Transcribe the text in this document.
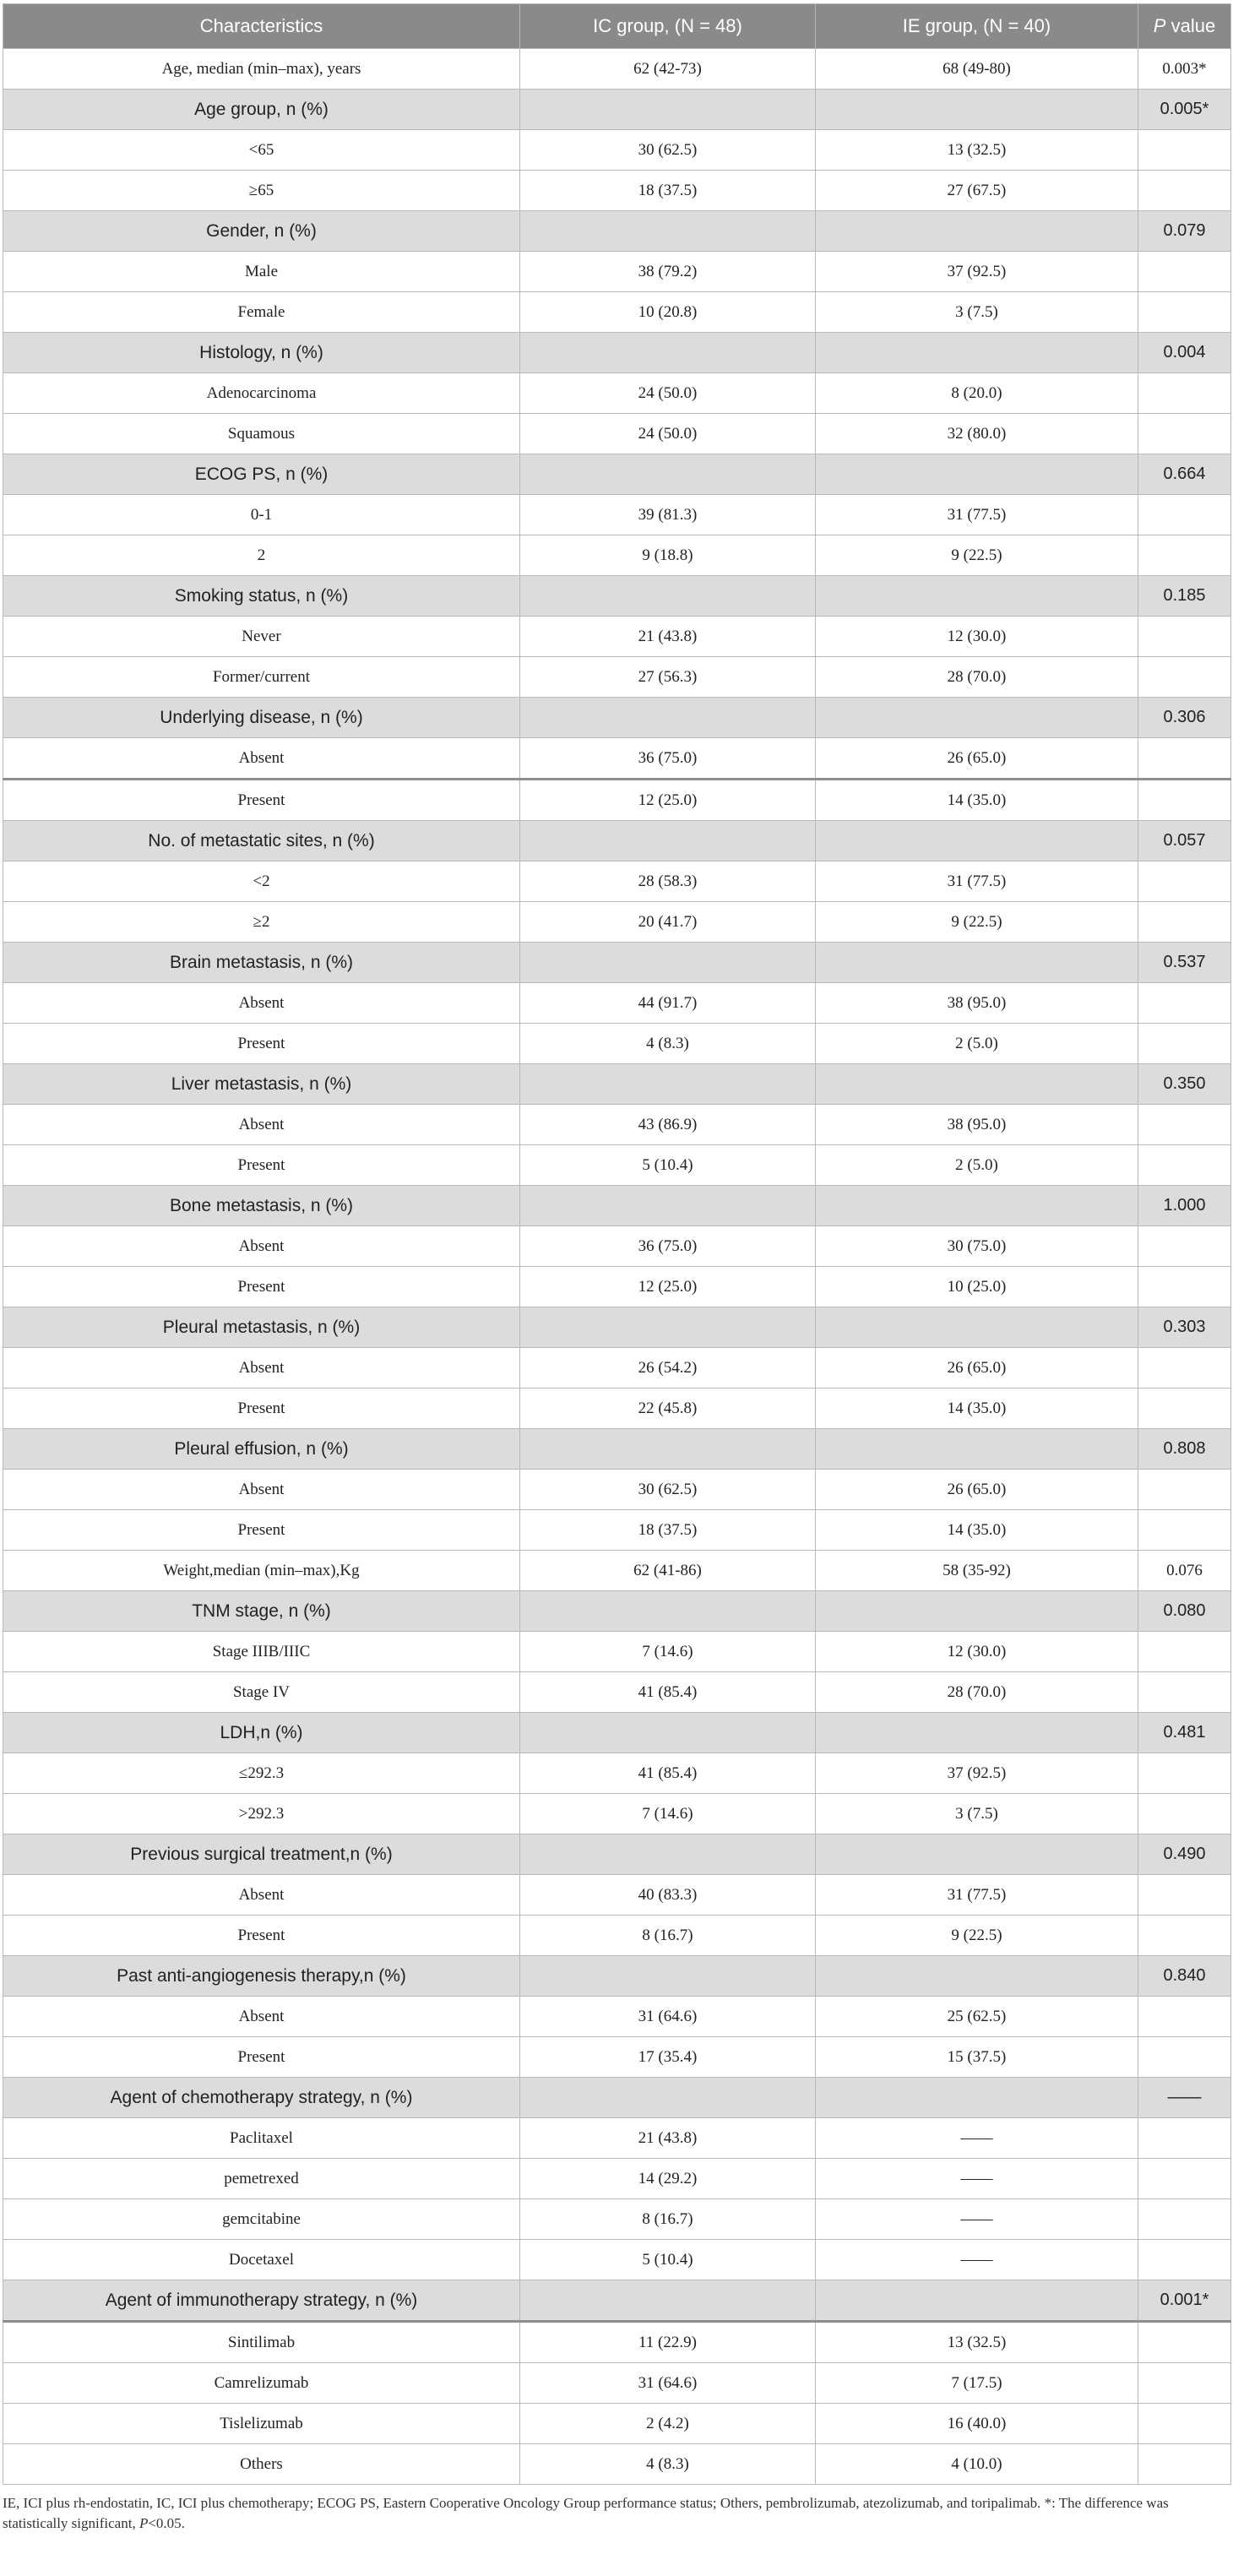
Characteristics	IC group, (N = 48)	IE group, (N = 40)	P value
Age, median (min–max), years	62 (42-73)	68 (49-80)	0.003*
Age group, n (%)			0.005*
<65	30 (62.5)	13 (32.5)	
≥65	18 (37.5)	27 (67.5)	
Gender, n (%)			0.079
Male	38 (79.2)	37 (92.5)	
Female	10 (20.8)	3 (7.5)	
Histology, n (%)			0.004
Adenocarcinoma	24 (50.0)	8 (20.0)	
Squamous	24 (50.0)	32 (80.0)	
ECOG PS, n (%)			0.664
0-1	39 (81.3)	31 (77.5)	
2	9 (18.8)	9 (22.5)	
Smoking status, n (%)			0.185
Never	21 (43.8)	12 (30.0)	
Former/current	27 (56.3)	28 (70.0)	
Underlying disease, n (%)			0.306
Absent	36 (75.0)	26 (65.0)	
Present	12 (25.0)	14 (35.0)	
No. of metastatic sites, n (%)			0.057
<2	28 (58.3)	31 (77.5)	
≥2	20 (41.7)	9 (22.5)	
Brain metastasis, n (%)			0.537
Absent	44 (91.7)	38 (95.0)	
Present	4 (8.3)	2 (5.0)	
Liver metastasis, n (%)			0.350
Absent	43 (86.9)	38 (95.0)	
Present	5 (10.4)	2 (5.0)	
Bone metastasis, n (%)			1.000
Absent	36 (75.0)	30 (75.0)	
Present	12 (25.0)	10 (25.0)	
Pleural metastasis, n (%)			0.303
Absent	26 (54.2)	26 (65.0)	
Present	22 (45.8)	14 (35.0)	
Pleural effusion, n (%)			0.808
Absent	30 (62.5)	26 (65.0)	
Present	18 (37.5)	14 (35.0)	
Weight,median (min–max),Kg	62 (41-86)	58 (35-92)	0.076
TNM stage, n (%)			0.080
Stage IIIB/IIIC	7 (14.6)	12 (30.0)	
Stage IV	41 (85.4)	28 (70.0)	
LDH,n (%)			0.481
≤292.3	41 (85.4)	37 (92.5)	
>292.3	7 (14.6)	3 (7.5)	
Previous surgical treatment,n (%)			0.490
Absent	40 (83.3)	31 (77.5)	
Present	8 (16.7)	9 (22.5)	
Past anti-angiogenesis therapy,n (%)			0.840
Absent	31 (64.6)	25 (62.5)	
Present	17 (35.4)	15 (37.5)	
Agent of chemotherapy strategy, n (%)			——
Paclitaxel	21 (43.8)	——	
pemetrexed	14 (29.2)	——	
gemcitabine	8 (16.7)	——	
Docetaxel	5 (10.4)	——	
Agent of immunotherapy strategy, n (%)			0.001*
Sintilimab	11 (22.9)	13 (32.5)	
Camrelizumab	31 (64.6)	7 (17.5)	
Tislelizumab	2 (4.2)	16 (40.0)	
Others	4 (8.3)	4 (10.0)	
IE, ICI plus rh-endostatin, IC, ICI plus chemotherapy; ECOG PS, Eastern Cooperative Oncology Group performance status; Others, pembrolizumab, atezolizumab, and toripalimab. *: The difference was statistically significant, P<0.05.
